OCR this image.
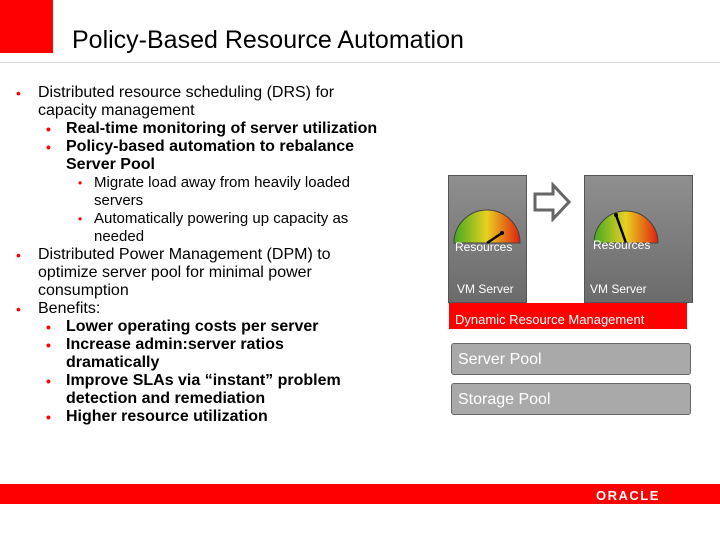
Policy-Based Resource Automation
• Distributed resource scheduling (DRS) for
capacity management
• Real-time monitoring of server utilization
• Policy-based automation to rebalance
Server Pool
• Migrate load away from heavily loaded
servers
• Automatically powering up capacity as
needed
• Distributed Power Management (DPM) to
optimize server pool for minimal power
consumption
• Benefits:
• Lower operating costs per server
• Increase admin:server ratios
dramatically
• Improve SLAs via “instant” problem
detection and remediation
• Higher resource utilization
Resources
VM Server
Resources
VM Server
Dynamic Resource Management
Server Pool
Storage Pool
ORACLE
